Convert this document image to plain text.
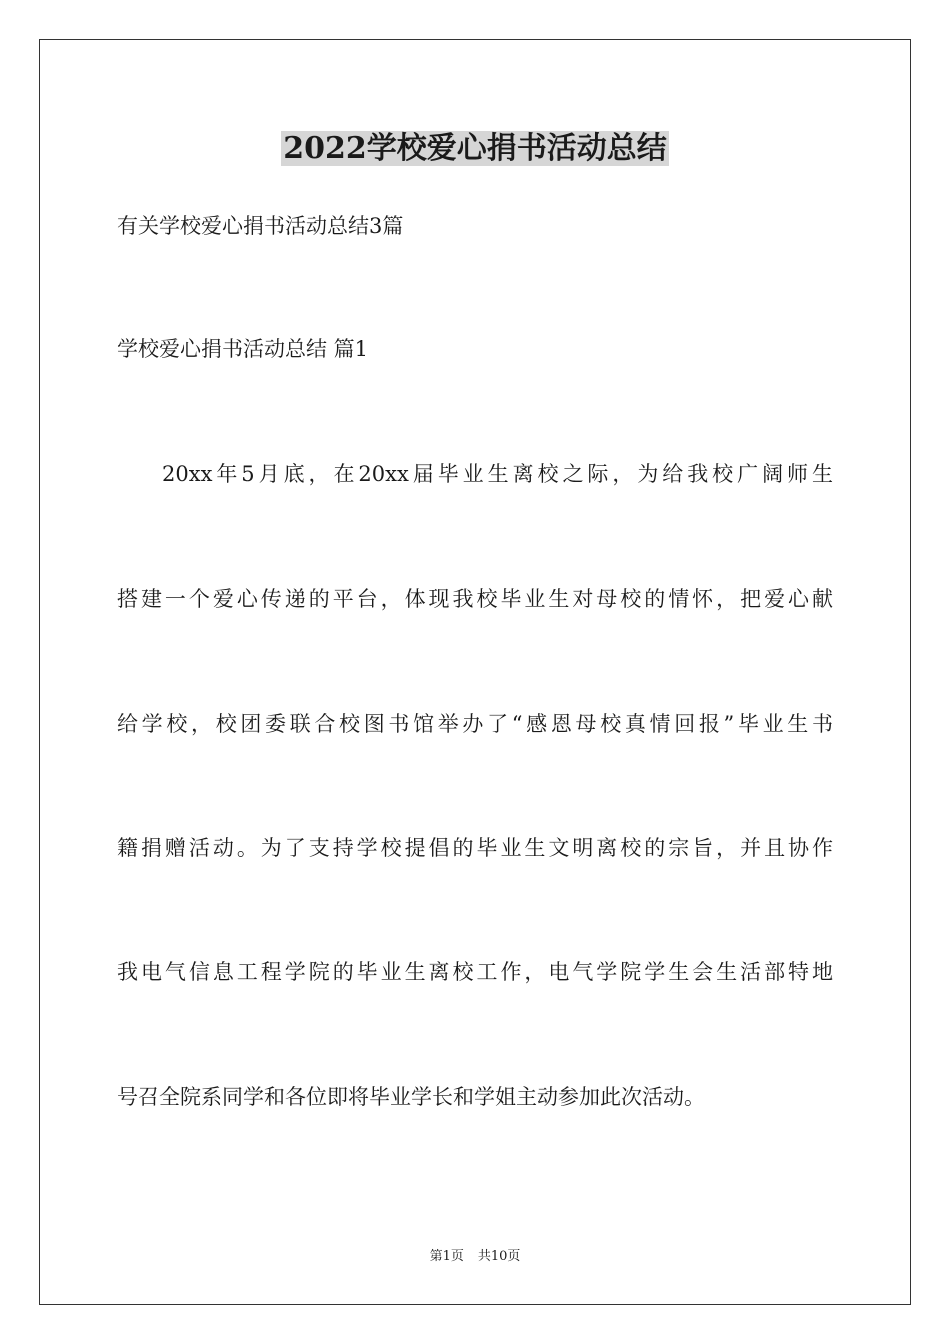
2022学校爱心捐书活动总结

有关学校爱心捐书活动总结3篇

学校爱心捐书活动总结 篇1

20xx年5月底，在20xx届毕业生离校之际，为给我校广阔师生

搭建一个爱心传递的平台，体现我校毕业生对母校的情怀，把爱心献

给学校，校团委联合校图书馆举办了“感恩母校真情回报”毕业生书

籍捐赠活动。为了支持学校提倡的毕业生文明离校的宗旨，并且协作

我电气信息工程学院的毕业生离校工作，电气学院学生会生活部特地

号召全院系同学和各位即将毕业学长和学姐主动参加此次活动。

第1页 共10页
